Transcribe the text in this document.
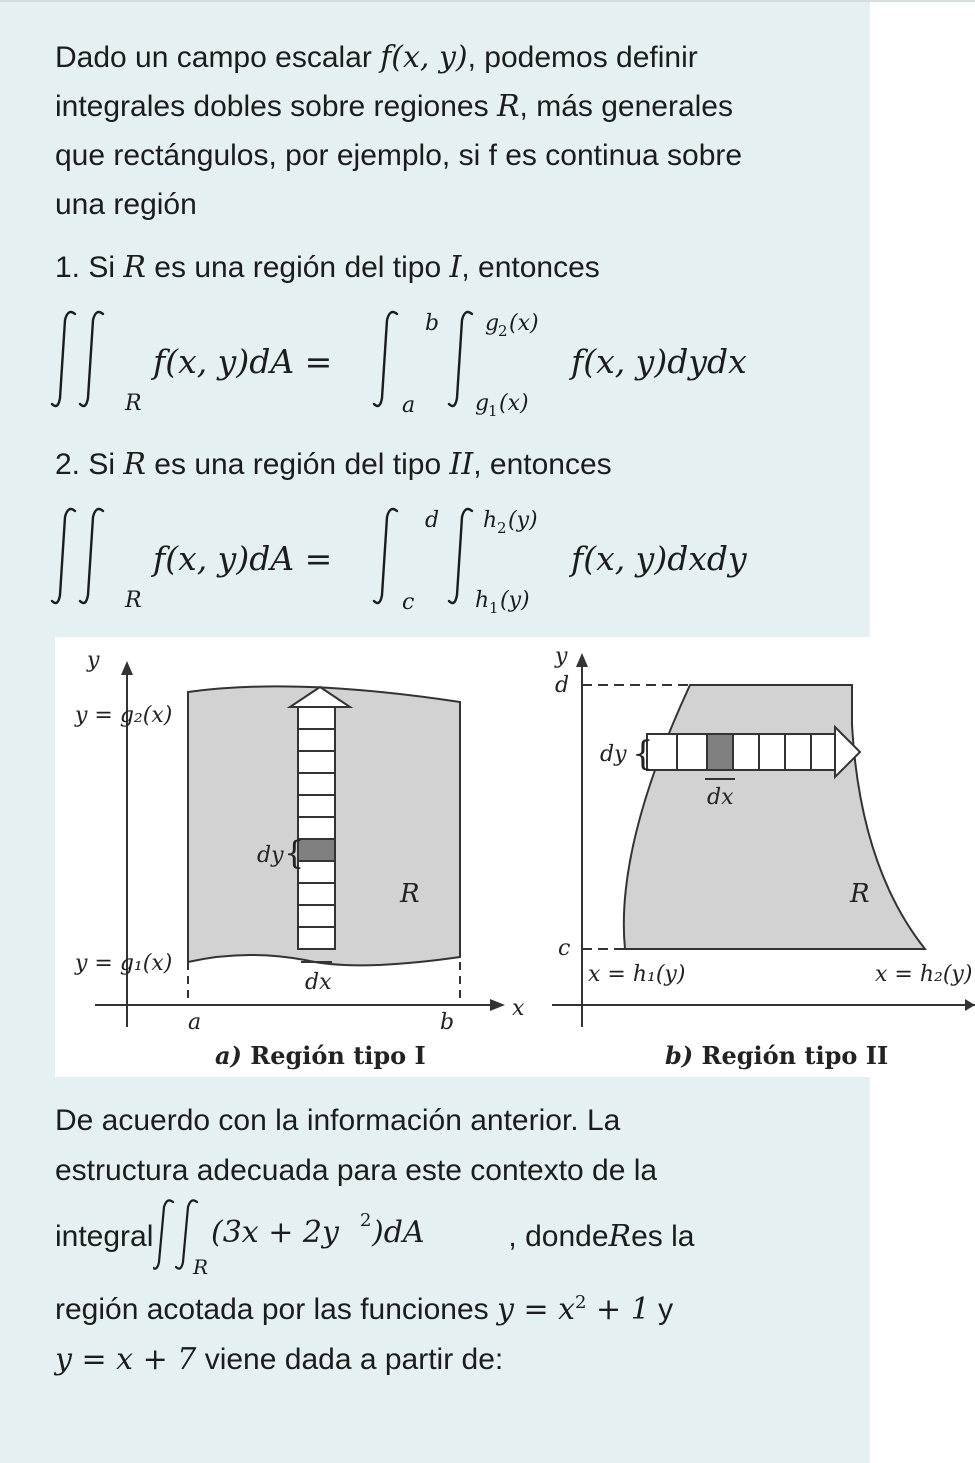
Dado un campo escalar f(x, y), podemos definir
integrales dobles sobre regiones R, más generales
que rectángulos, por ejemplo, si f es continua sobre
una región
1. Si R es una región del tipo I, entonces
R
f(x, y)dA =
b
a
g
2 (x)
g
1 (x)
f(x, y)dydx
2. Si R es una región del tipo II, entonces
R
f(x, y)dA =
d
c
h 2 (y)
h 1 (y)
f(x, y)dxdy
dy {
dx
R
y
x
y = g₂(x)
y = g₁(x)
a	b
a) Región tipo I
dy {
dx
R
y
d
c
x = h₁(y)	x = h₂(y)
b) Región tipo II
De acuerdo con la información anterior. La
estructura adecuada para este contexto de la
integral
R
(3x + 2y 2 )dA	, donde R es la
región acotada por las funciones $y = x^2 + 1$ y
y = x + 7 viene dada a partir de:
